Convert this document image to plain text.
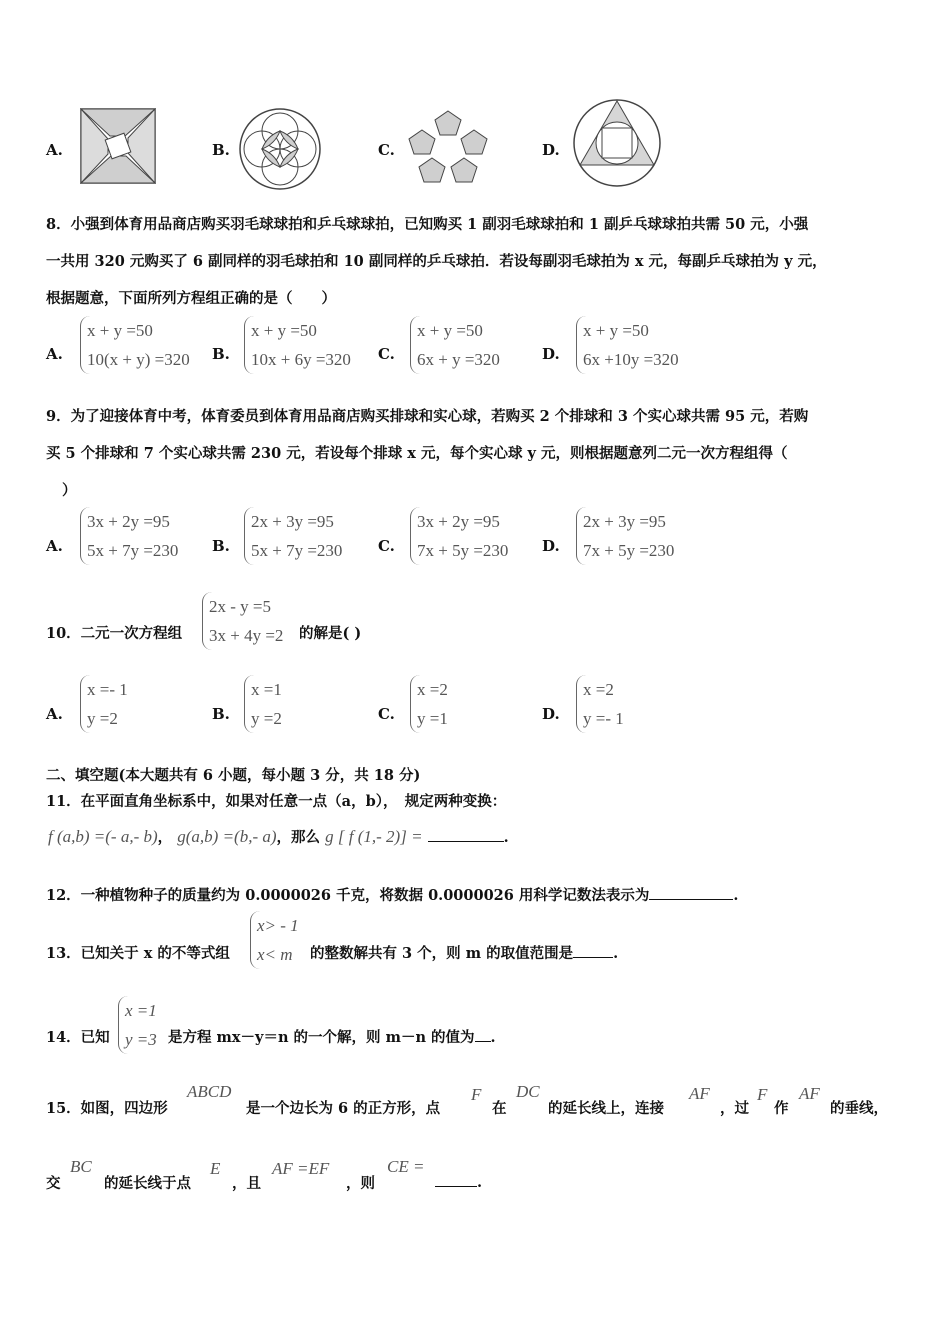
A.	B.	C.	D.
8．小强到体育用品商店购买羽毛球球拍和乒乓球球拍，已知购买 1 副羽毛球球拍和 1 副乒乓球球拍共需 50 元，小强
一共用 320 元购买了 6 副同样的羽毛球拍和 10 副同样的乒乓球拍．若设每副羽毛球拍为 x 元，每副乒乓球拍为 y 元，
根据题意，下面所列方程组正确的是（　　）
A.
x + y =50
10(x + y) =320 B.
x + y =50
10x + 6y =320 C.
x + y =50
6x + y =320	D.
x + y =50
6x +10y =320
9．为了迎接体育中考，体育委员到体育用品商店购买排球和实心球，若购买 2 个排球和 3 个实心球共需 95 元，若购
买 5 个排球和 7 个实心球共需 230 元，若设每个排球 x 元，每个实心球 y 元，则根据题意列二元一次方程组得（
）
A.
3x + 2y =95
5x + 7y =230 B.
2x + 3y =95
5x + 7y =230 C.
3x + 2y =95
7x + 5y =230 D.
2x + 3y =95
7x + 5y =230
10．二元一次方程组
2x - y =5
3x + 4y =2 的解是( )
A.
x =- 1
y =2	B.
x =1
y =2	C.
x =2
y =1	D.
x =2
y =- 1
二、填空题(本大题共有 6 小题，每小题 3 分，共 18 分)
11．在平面直角坐标系中，如果对任意一点（a，b），　规定两种变换：
f (a,b) =(- a,- b)， g(a,b) =(b,- a)，那么 g [ f (1,- 2)] =	.
12．一种植物种子的质量约为 0.0000026 千克，将数据 0.0000026 用科学记数法表示为	.
13．已知关于 x 的不等式组
x> - 1
x< m	的整数解共有 3 个，则 m 的取值范围是	.
14．已知
x =1
y =3 是方程 mx－y＝n 的一个解，则 m－n 的值为 .
15．如图，四边形
ABCD
是一个边长为 6 的正方形，点
F
在
DC
的延长线上，连接
AF
，过
F
作
AF
的垂线，
交
BC
的延长线于点
E
，且
AF =EF
，则
CE =
.
